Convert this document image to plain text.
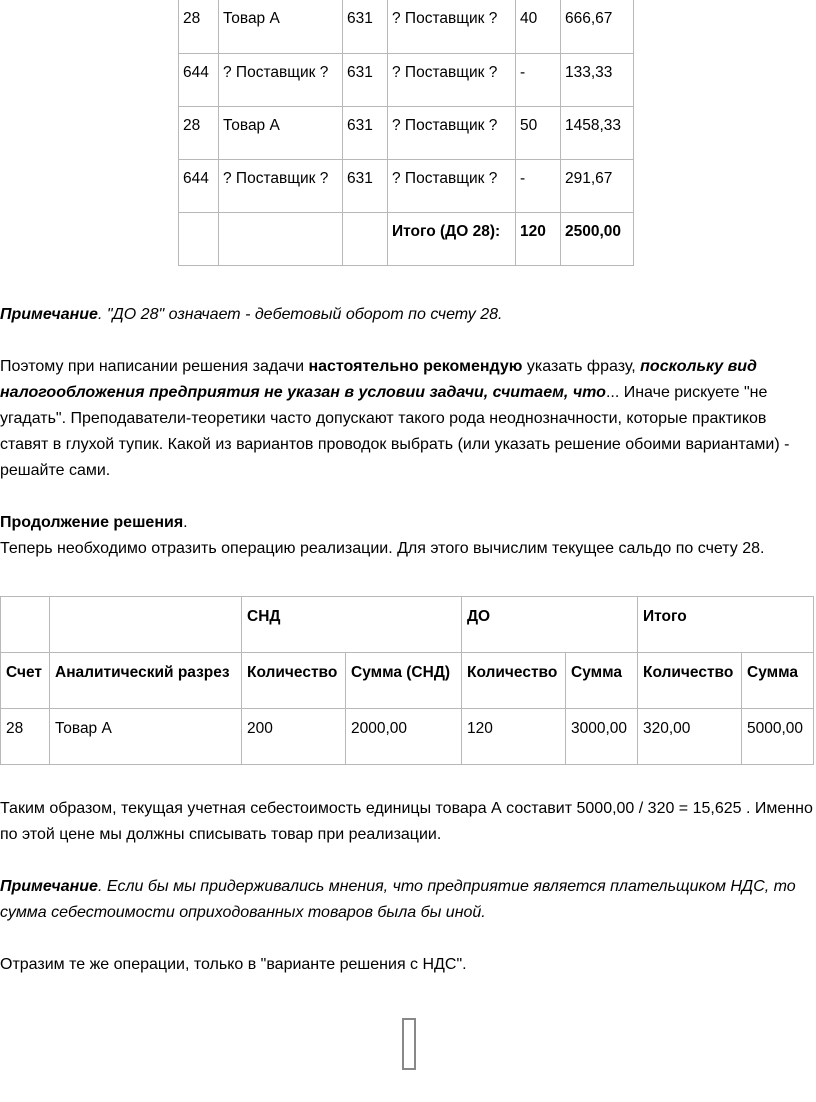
28	Товар А	631	? Поставщик ?	40	666,67
644	? Поставщик ?	631	? Поставщик ?	-	133,33
28	Товар А	631	? Поставщик ?	50	1458,33
644	? Поставщик ?	631	? Поставщик ?	-	291,67
			Итого (ДО 28):	120	2500,00

Примечание. "ДО 28" означает - дебетовый оборот по счету 28.

Поэтому при написании решения задачи настоятельно рекомендую указать фразу, поскольку вид налогообложения предприятия не указан в условии задачи, считаем, что... Иначе рискуете "не угадать". Преподаватели-теоретики часто допускают такого рода неоднозначности, которые практиков ставят в глухой тупик. Какой из вариантов проводок выбрать (или указать решение обоими вариантами) - решайте сами.

Продолжение решения.

Теперь необходимо отразить операцию реализации. Для этого вычислим текущее сальдо по счету 28.

		СНД		ДО		Итого	
Счет	Аналитический разрез	Количество	Сумма (СНД)	Количество	Сумма	Количество	Сумма
28	Товар А	200	2000,00	120	3000,00	320,00	5000,00

Таким образом, текущая учетная себестоимость единицы товара А составит 5000,00 / 320 = 15,625 . Именно по этой цене мы должны списывать товар при реализации.

Примечание. Если бы мы придерживались мнения, что предприятие является плательщиком НДС, то сумма себестоимости оприходованных товаров была бы иной.

Отразим те же операции, только в "варианте решения с НДС".
